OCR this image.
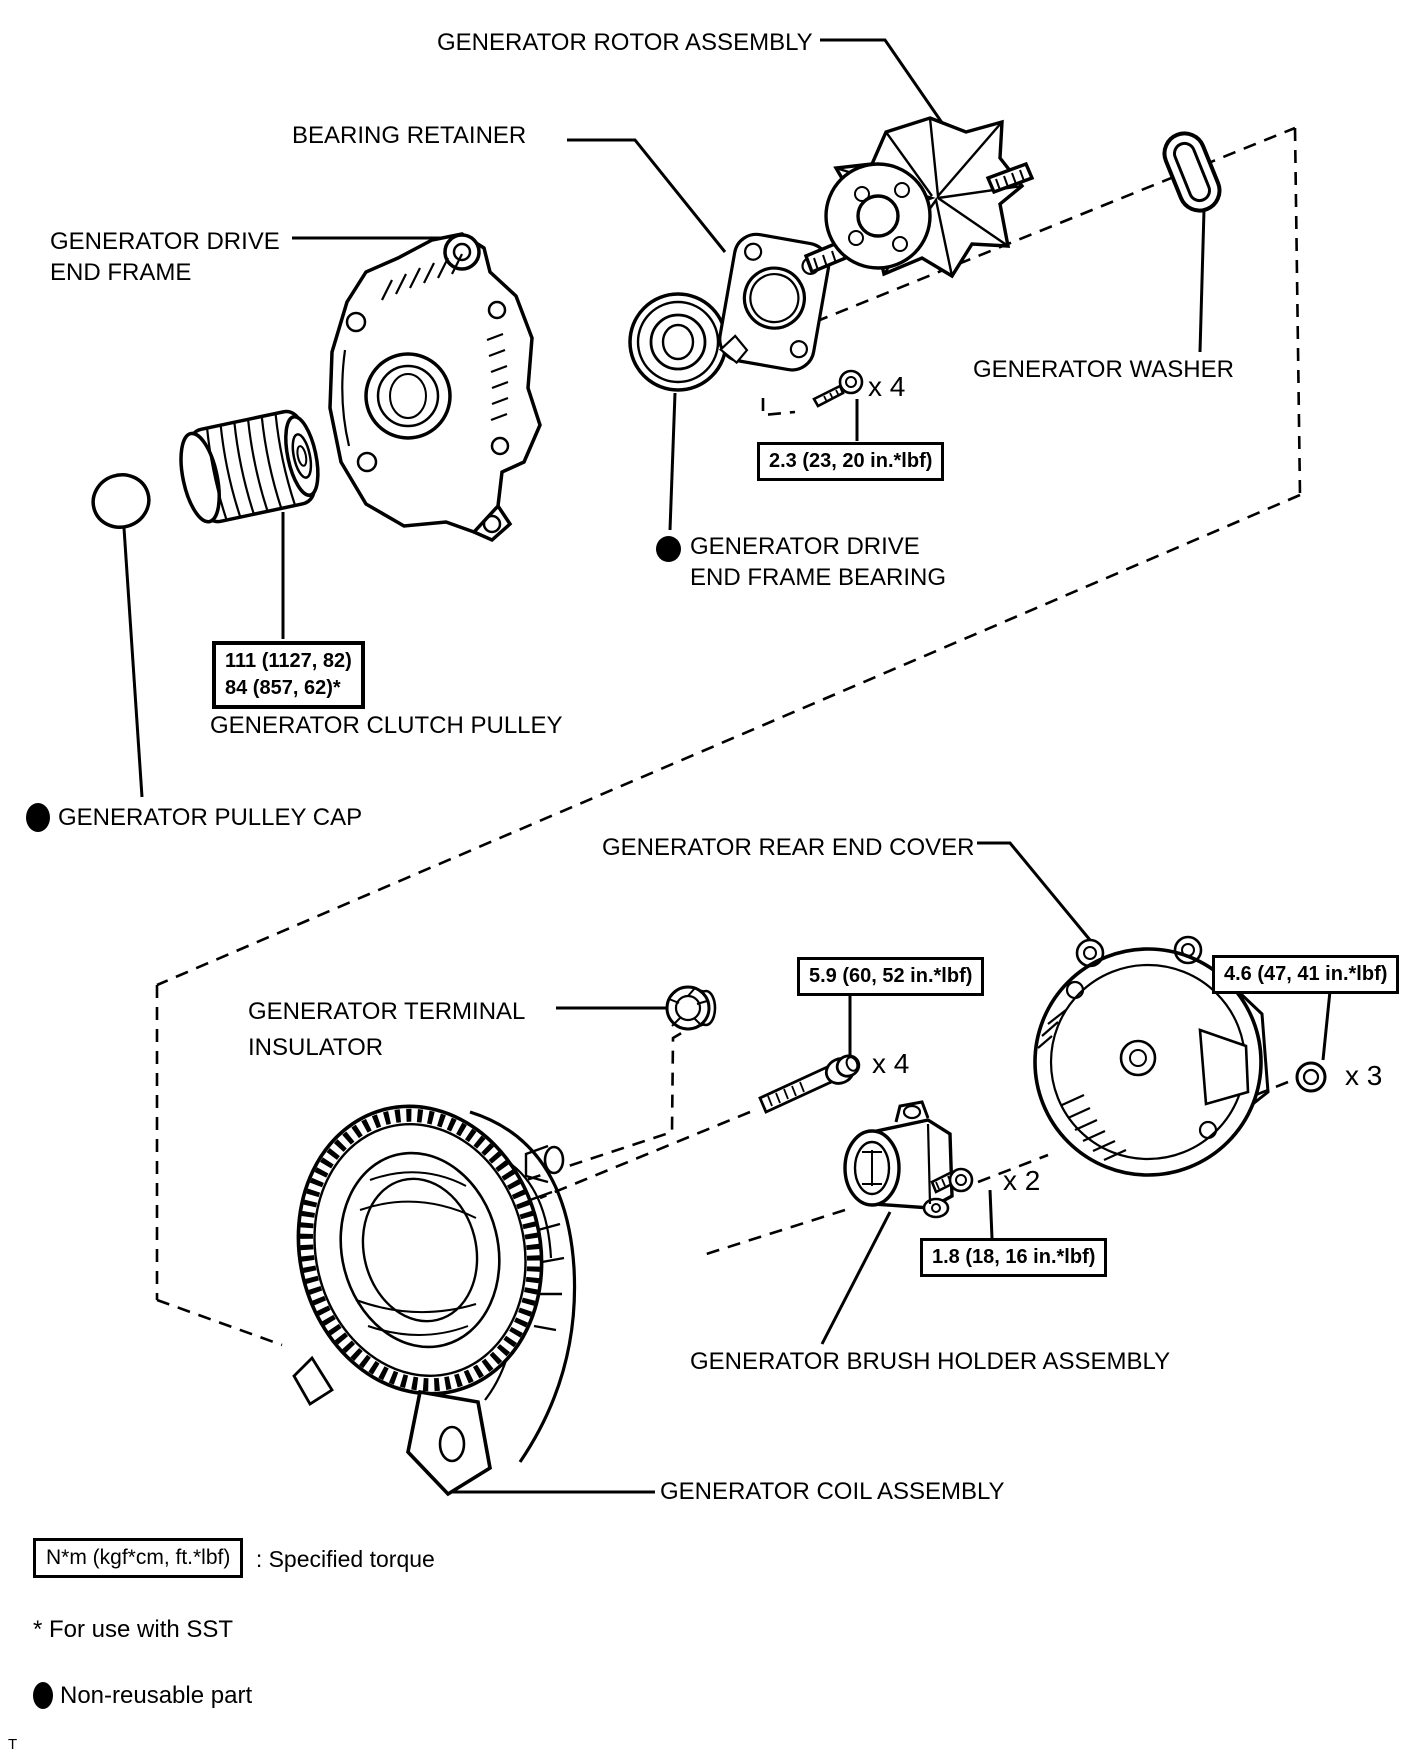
GENERATOR ROTOR ASSEMBLY
BEARING RETAINER
GENERATOR DRIVE
END FRAME
2.3 (23, 20 in.*lbf)
x 4
GENERATOR DRIVE
END FRAME BEARING
GENERATOR WASHER
111 (1127, 82)
84 (857, 62)*
GENERATOR CLUTCH PULLEY
GENERATOR PULLEY CAP
GENERATOR REAR END COVER
5.9 (60, 52 in.*lbf)	4.6 (47, 41 in.*lbf)
GENERATOR TERMINAL
INSULATOR
x 4	x 3
x 2
1.8 (18, 16 in.*lbf)
GENERATOR BRUSH HOLDER ASSEMBLY
GENERATOR COIL ASSEMBLY
N*m (kgf*cm, ft.*lbf) : Specified torque
* For use with SST
Non-reusable part
T
